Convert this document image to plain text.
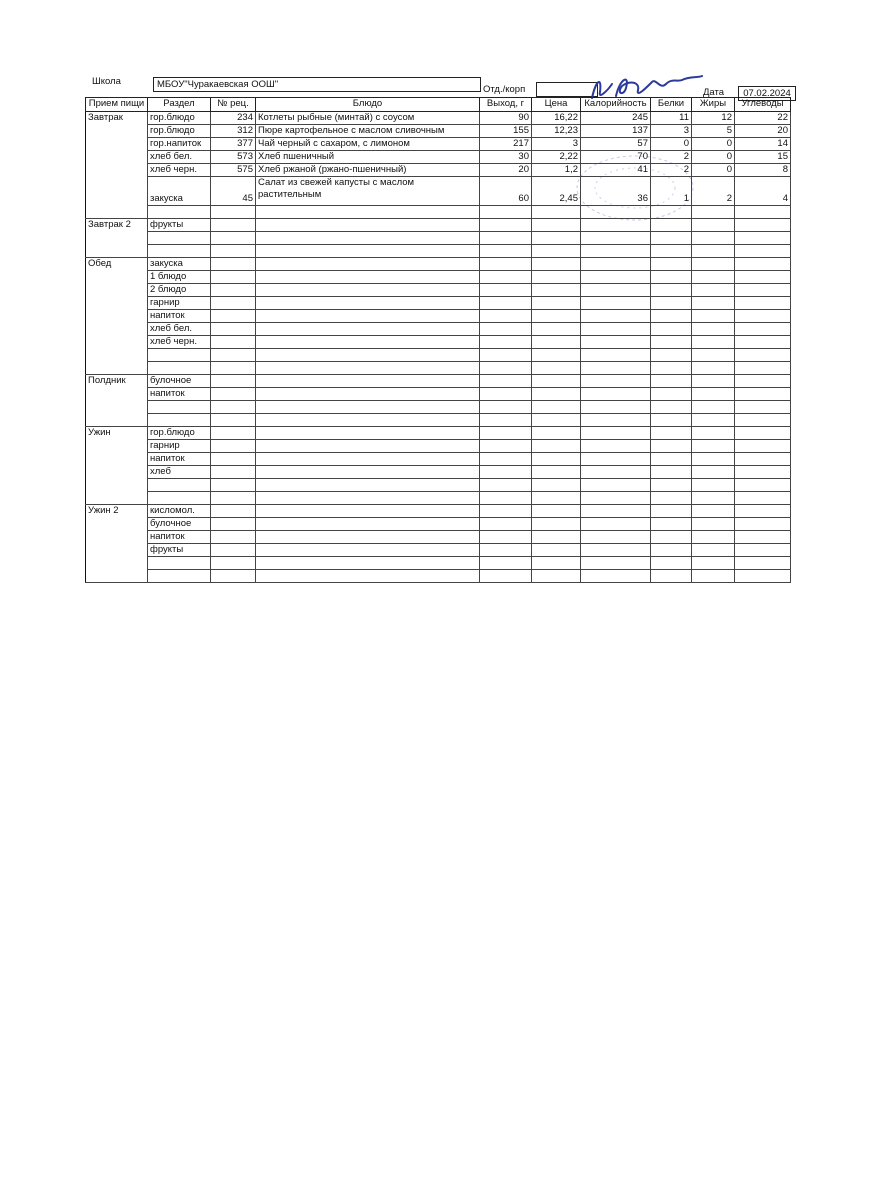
Школа	МБОУ"Чуракаевская ООШ"	Отд./корп	Дата	07.02.2024
Прием пищи	Раздел	№ рец.	Блюдо	Выход, г	Цена	Калорийность	Белки	Жиры	Углеводы
Завтрак	гор.блюдо	234	Котлеты рыбные (минтай) с соусом	90	16,22	245	11	12	22
	гор.блюдо	312	Пюре картофельное с маслом сливочным	155	12,23	137	3	5	20
	гор.напиток	377	Чай черный с сахаром, с лимоном	217	3	57	0	0	14
	хлеб бел.	573	Хлеб пшеничный	30	2,22	70	2	0	15
	хлеб черн.	575	Хлеб ржаной (ржано-пшеничный)	20	1,2	41	2	0	8
	закуска	45	Салат из свежей капусты с маслом растительным	60	2,45	36	1	2	4

Завтрак 2	фрукты								

Обед	закуска								
	1 блюдо								
	2 блюдо								
	гарнир								
	напиток								
	хлеб бел.								
	хлеб черн.								

Полдник	булочное								
	напиток								

Ужин	гор.блюдо								
	гарнир								
	напиток								
	хлеб								

Ужин 2	кисломол.								
	булочное								
	напиток								
	фрукты								
